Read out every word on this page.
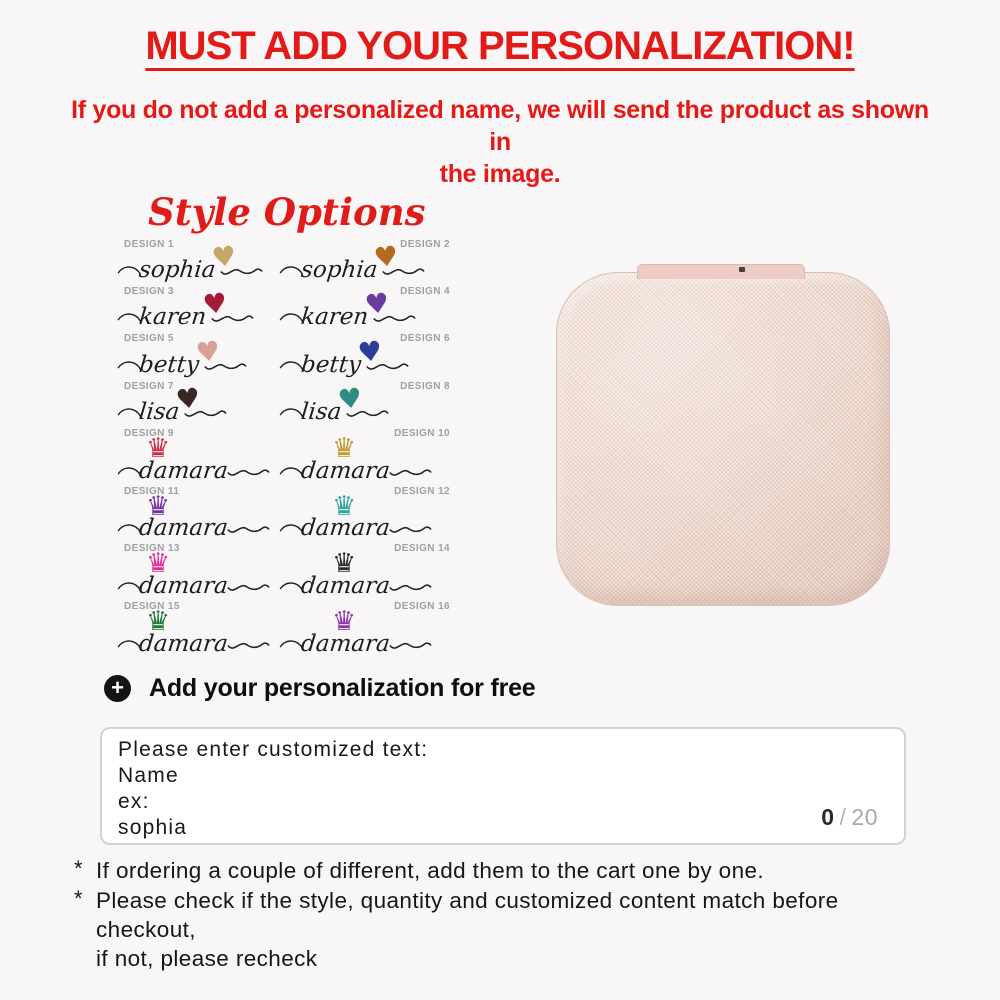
MUST ADD YOUR PERSONALIZATION!
If you do not add a personalized name, we will send the product as shown in
the image.
Style Options
DESIGN 1
sophia
♥	DESIGN 2
sophia
♥
DESIGN 3
karen
♥	DESIGN 4
karen
♥
DESIGN 5
betty
♥	DESIGN 6
betty
♥
DESIGN 7
lisa
♥	DESIGN 8
lisa
♥
DESIGN 9
♛
damara
DESIGN 10
♛
damara
DESIGN 11
♛
damara
DESIGN 12
♛
damara
DESIGN 13
♛
damara
DESIGN 14
♛
damara
DESIGN 15
♛
damara
DESIGN 16
♛
damara
+ Add your personalization for free
Please enter customized text:
Name
ex:
sophia	0 / 20
* If ordering a couple of different, add them to the cart one by one.
* Please check if the style, quantity and customized content match before checkout,
if not, please recheck
